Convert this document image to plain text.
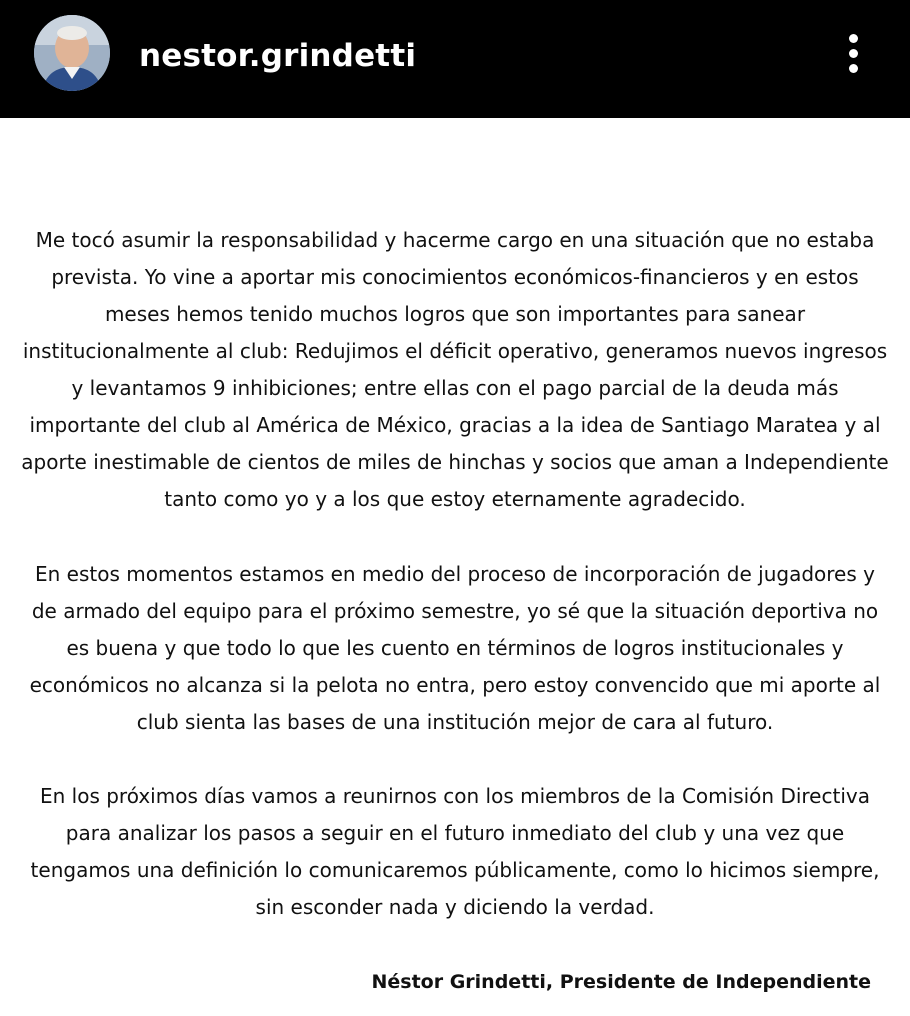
nestor.grindetti

Me tocó asumir la responsabilidad y hacerme cargo en una situación que no estaba prevista. Yo vine a aportar mis conocimientos económicos-financieros y en estos meses hemos tenido muchos logros que son importantes para sanear institucionalmente al club: Redujimos el déficit operativo, generamos nuevos ingresos y levantamos 9 inhibiciones; entre ellas con el pago parcial de la deuda más importante del club al América de México, gracias a la idea de Santiago Maratea y al aporte inestimable de cientos de miles de hinchas y socios que aman a Independiente tanto como yo y a los que estoy eternamente agradecido.

En estos momentos estamos en medio del proceso de incorporación de jugadores y de armado del equipo para el próximo semestre, yo sé que la situación deportiva no es buena y que todo lo que les cuento en términos de logros institucionales y económicos no alcanza si la pelota no entra, pero estoy convencido que mi aporte al club sienta las bases de una institución mejor de cara al futuro.

En los próximos días vamos a reunirnos con los miembros de la Comisión Directiva para analizar los pasos a seguir en el futuro inmediato del club y una vez que tengamos una definición lo comunicaremos públicamente, como lo hicimos siempre, sin esconder nada y diciendo la verdad.

Néstor Grindetti, Presidente de Independiente
